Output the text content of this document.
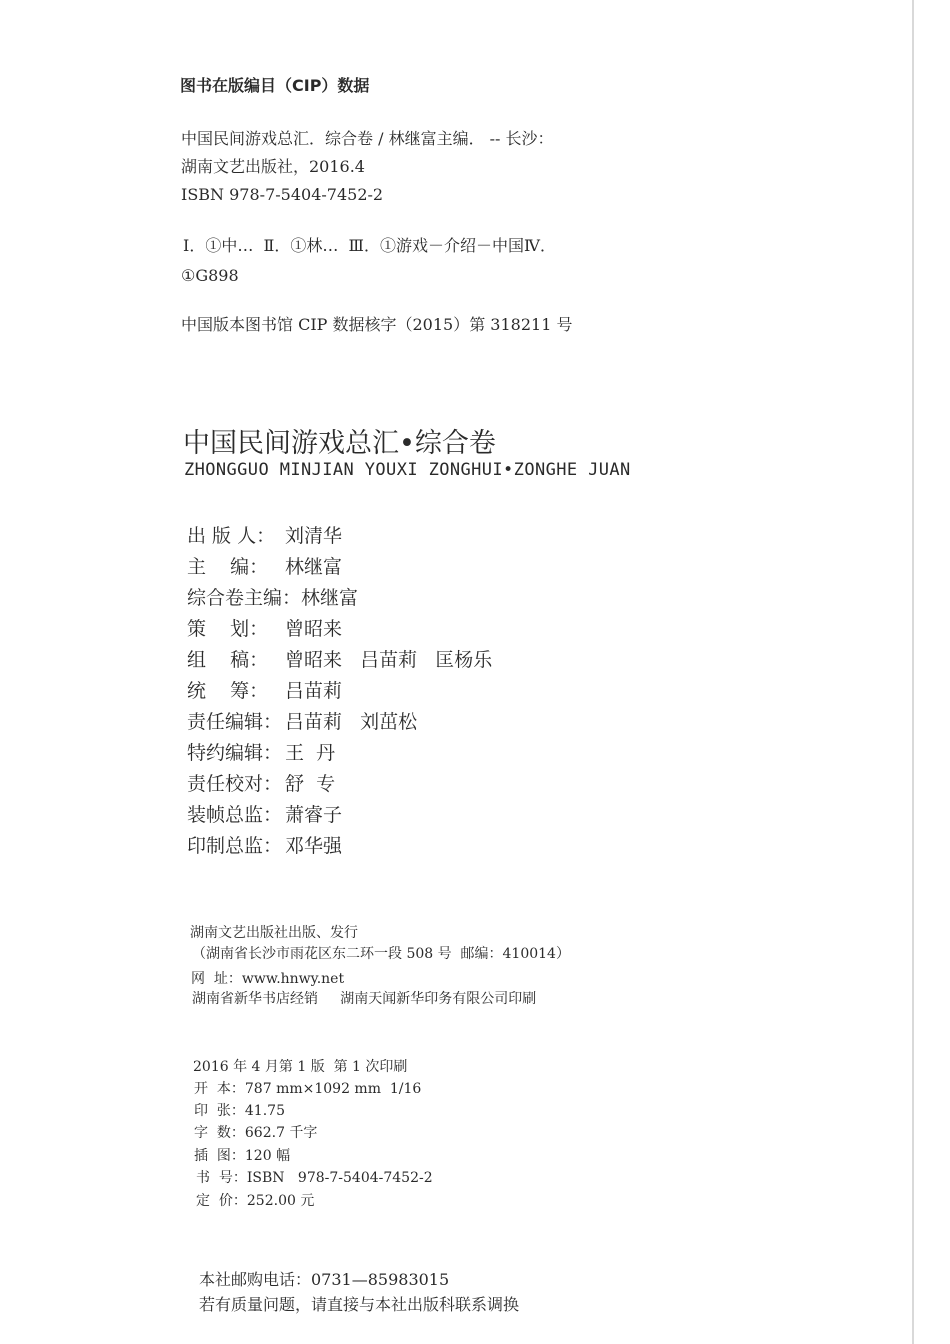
图书在版编目（CIP）数据
中国民间游戏总汇．综合卷 / 林继富主编． -- 长沙：
湖南文艺出版社，2016.4
ISBN 978-7-5404-7452-2
Ⅰ．①中…  Ⅱ．①林…  Ⅲ．①游戏－介绍－中国Ⅳ．
①G898
中国版本图书馆 CIP 数据核字（2015）第 318211 号
中国民间游戏总汇•综合卷
ZHONGGUO MINJIAN YOUXI ZONGHUI•ZONGHE JUAN
出 版 人： 刘清华
主    编： 林继富
综合卷主编：林继富
策    划： 曾昭来
组    稿： 曾昭来   吕苗莉   匡杨乐
统    筹： 吕苗莉
责任编辑： 吕苗莉   刘茁松
特约编辑： 王  丹
责任校对： 舒  专
装帧总监： 萧睿子
印制总监： 邓华强
湖南文艺出版社出版、发行
（湖南省长沙市雨花区东二环一段 508 号  邮编：410014）
网  址：www.hnwy.net
湖南省新华书店经销     湖南天闻新华印务有限公司印刷
2016 年 4 月第 1 版  第 1 次印刷
开  本：787 mm×1092 mm  1/16
印  张：41.75
字  数：662.7 千字
插  图：120 幅
书  号：ISBN   978-7-5404-7452-2
定  价：252.00 元
本社邮购电话：0731—85983015
若有质量问题，请直接与本社出版科联系调换
